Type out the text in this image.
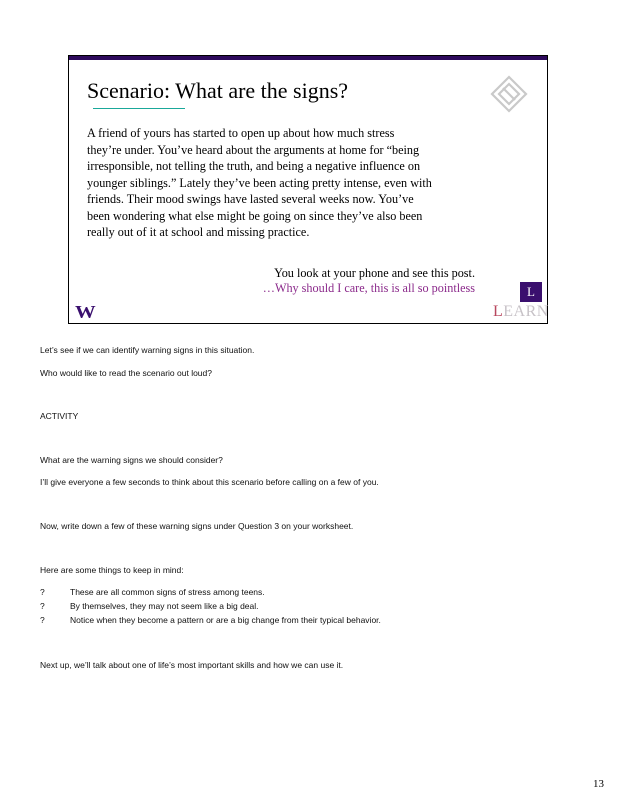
Scenario: What are the signs?

A friend of yours has started to open up about how much stress
they’re under. You’ve heard about the arguments at home for “being
irresponsible, not telling the truth, and being a negative influence on
younger siblings.” Lately they’ve been acting pretty intense, even with
friends. Their mood swings have lasted several weeks now. You’ve
been wondering what else might be going on since they’ve also been
really out of it at school and missing practice.

You look at your phone and see this post.
…Why should I care, this is all so pointless	L
W	LEARN
Let’s see if we can identify warning signs in this situation.
Who would like to read the scenario out loud?
ACTIVITY
What are the warning signs we should consider?
I’ll give everyone a few seconds to think about this scenario before calling on a few of you.
Now, write down a few of these warning signs under Question 3 on your worksheet.
Here are some things to keep in mind:
?	These are all common signs of stress among teens.
?	By themselves, they may not seem like a big deal.
?	Notice when they become a pattern or are a big change from their typical behavior.
Next up, we’ll talk about one of life’s most important skills and how we can use it.
13
